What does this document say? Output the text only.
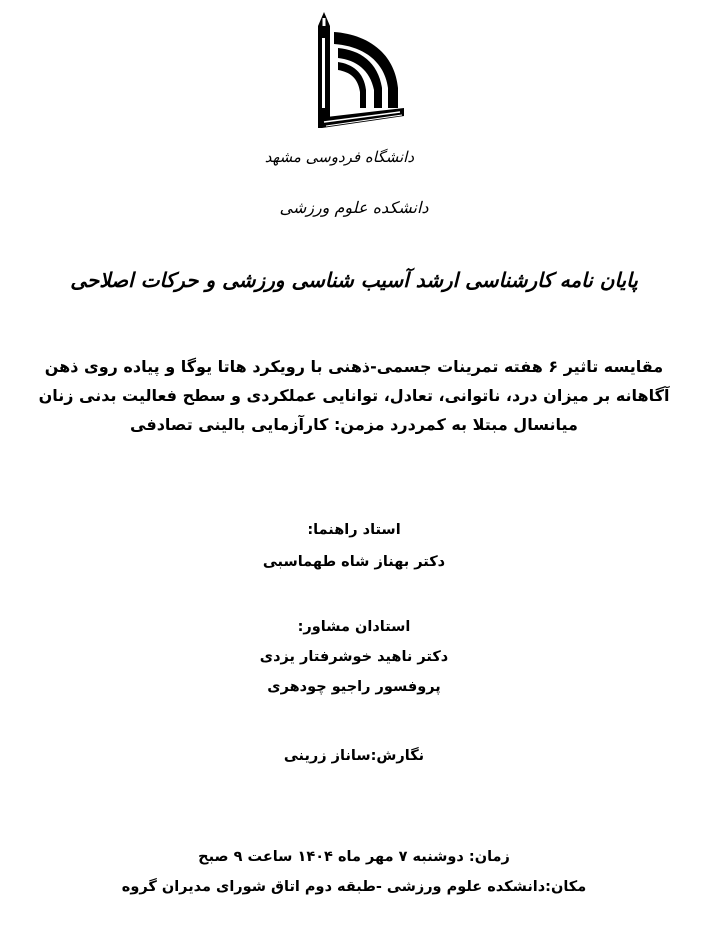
دانشگاه فردوسی مشهد
دانشکده علوم ورزشی
پایان نامه کارشناسی ارشد آسیب شناسی ورزشی و حرکات اصلاحی
مقایسه تاثیر ۶ هفته تمرینات جسمی-ذهنی با رویکرد هاتا یوگا و پیاده روی ذهن
آگاهانه بر میزان درد، ناتوانی، تعادل، توانایی عملکردی و سطح فعالیت بدنی زنان
میانسال مبتلا به کمردرد مزمن: کارآزمایی بالینی تصادفی
استاد راهنما:
دکتر بهناز شاه طهماسبی
استادان مشاور:
دکتر ناهید خوشرفتار یزدی
پروفسور راجیو چودهری
نگارش:ساناز زرینی
زمان: دوشنبه ۷ مهر ماه ۱۴۰۴ ساعت ۹ صبح
مکان:دانشکده علوم ورزشی -طبقه دوم اتاق شورای مدیران گروه
